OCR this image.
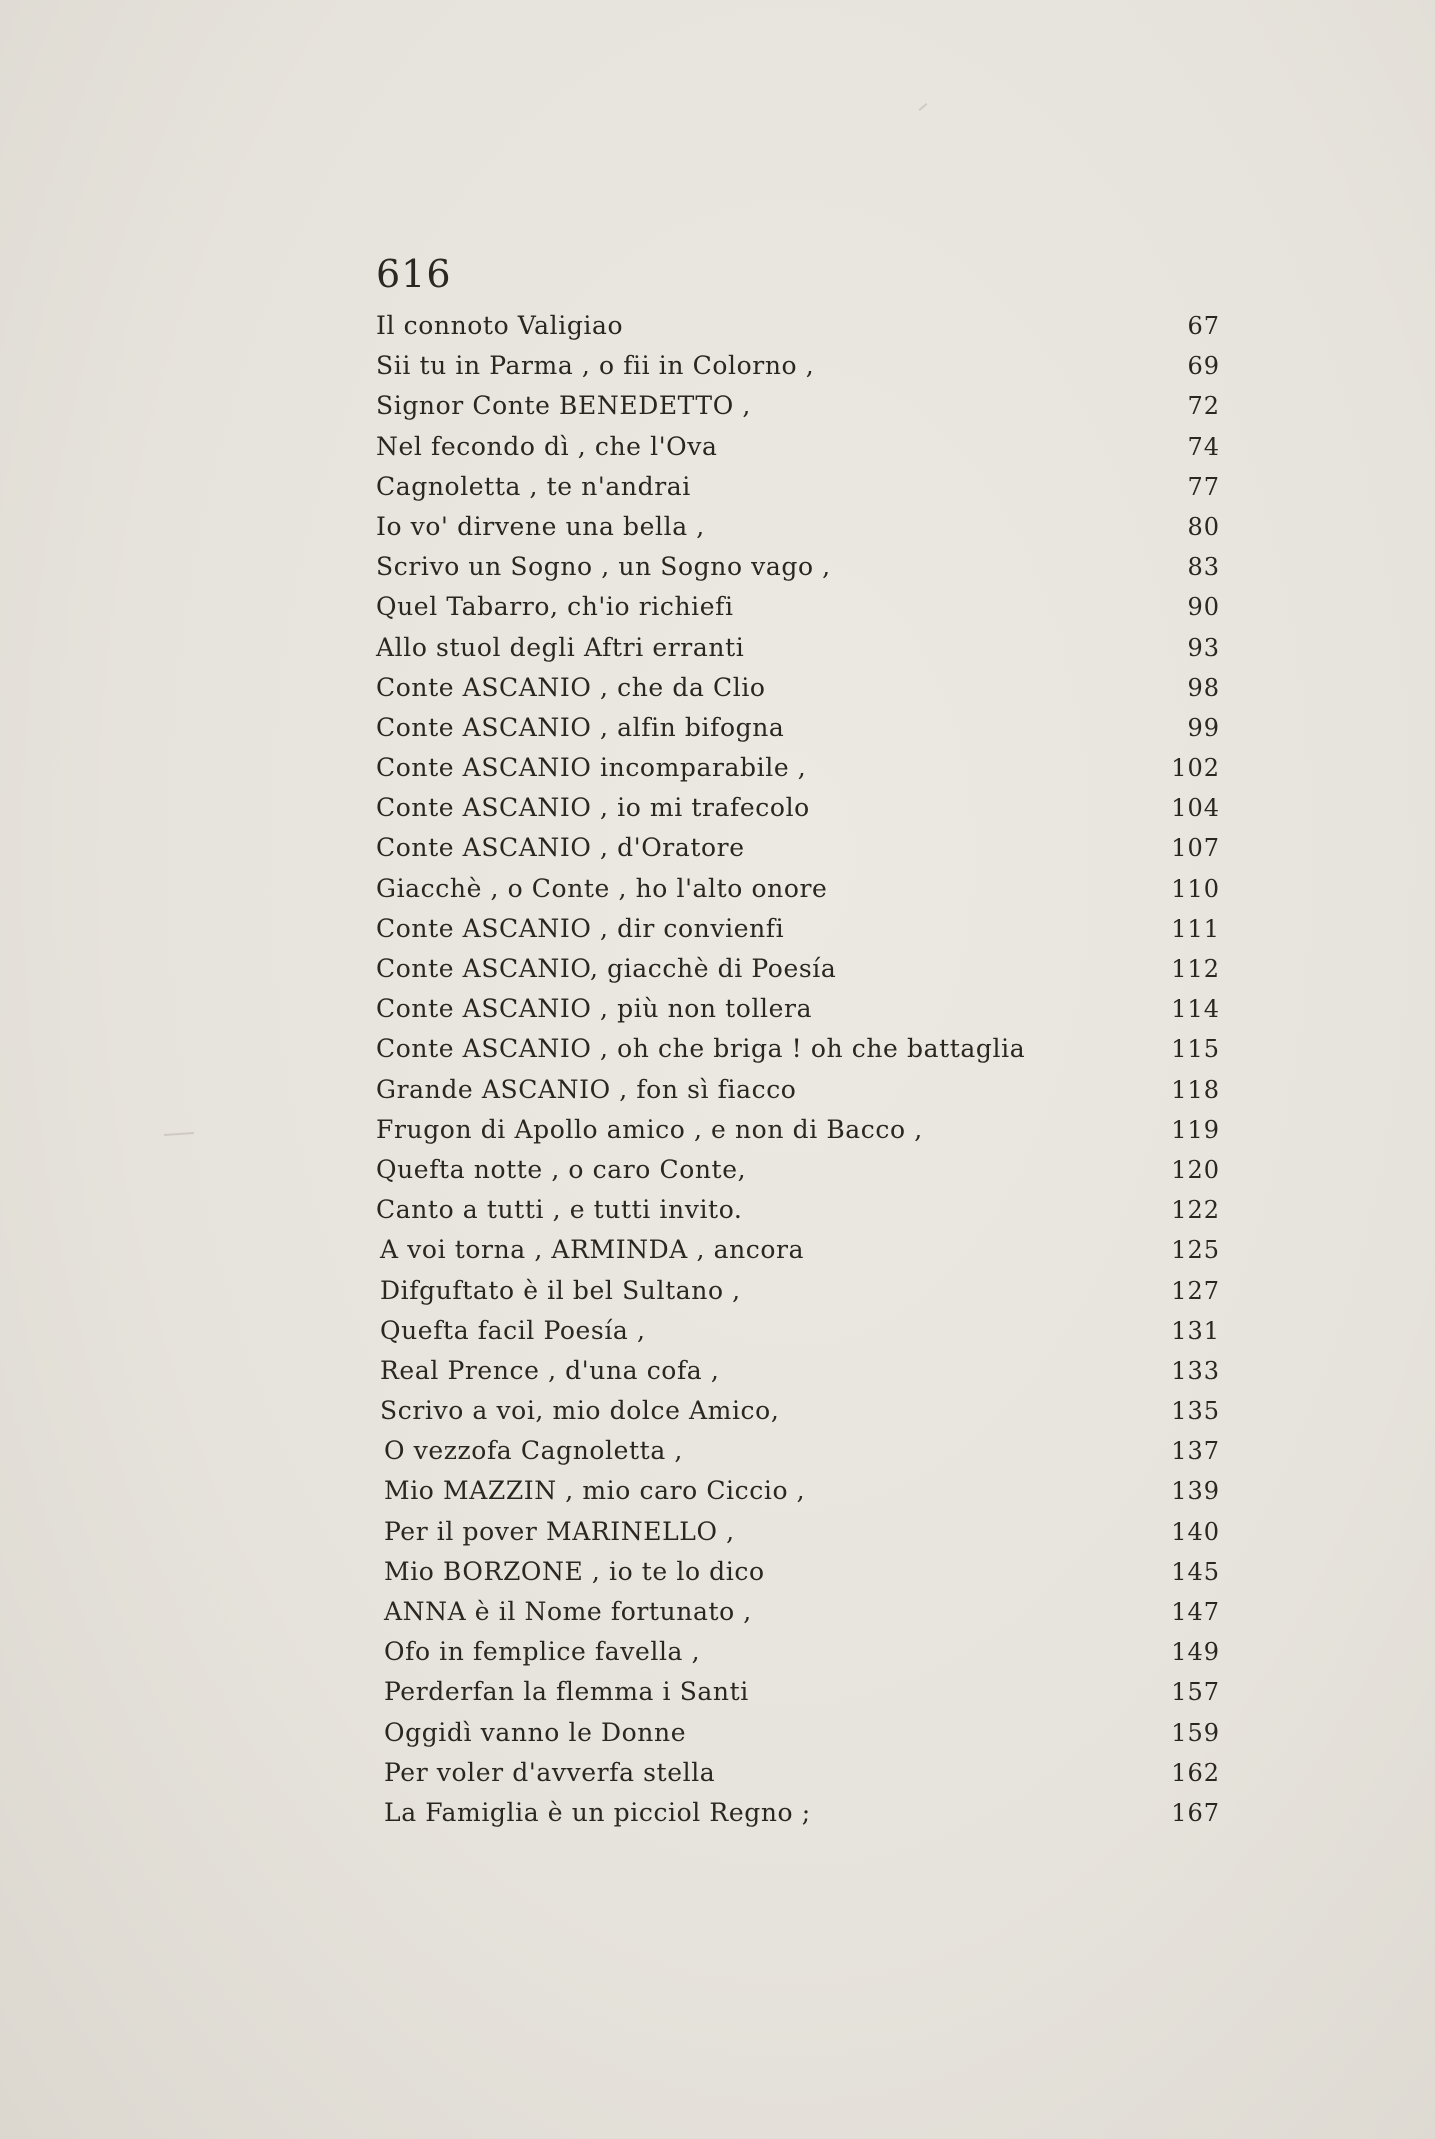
616
Il connoto Valigiao	67
Sii tu in Parma , o fii in Colorno ,	69
Signor Conte BENEDETTO ,	72
Nel fecondo dì , che l'Ova	74
Cagnoletta , te n'andrai	77
Io vo' dirvene una bella ,	80
Scrivo un Sogno , un Sogno vago ,	83
Quel Tabarro, ch'io richiefi	90
Allo stuol degli Aftri erranti	93
Conte ASCANIO , che da Clio	98
Conte ASCANIO , alfin bifogna	99
Conte ASCANIO incomparabile ,	102
Conte ASCANIO , io mi trafecolo	104
Conte ASCANIO , d'Oratore	107
Giacchè , o Conte , ho l'alto onore	110
Conte ASCANIO , dir convienfi	111
Conte ASCANIO, giacchè di Poesía	112
Conte ASCANIO , più non tollera	114
Conte ASCANIO , oh che briga ! oh che battaglia	115
Grande ASCANIO , fon sì fiacco	118
Frugon di Apollo amico , e non di Bacco ,	119
Quefta notte , o caro Conte,	120
Canto a tutti , e tutti invito.	122
A voi torna , ARMINDA , ancora	125
Difguftato è il bel Sultano ,	127
Quefta facil Poesía ,	131
Real Prence , d'una cofa ,	133
Scrivo a voi, mio dolce Amico,	135
O vezzofa Cagnoletta ,	137
Mio MAZZIN , mio caro Ciccio ,	139
Per il pover MARINELLO ,	140
Mio BORZONE , io te lo dico	145
ANNA è il Nome fortunato ,	147
Ofo in femplice favella ,	149
Perderfan la flemma i Santi	157
Oggidì vanno le Donne	159
Per voler d'avverfa stella	162
La Famiglia è un picciol Regno ;	167
